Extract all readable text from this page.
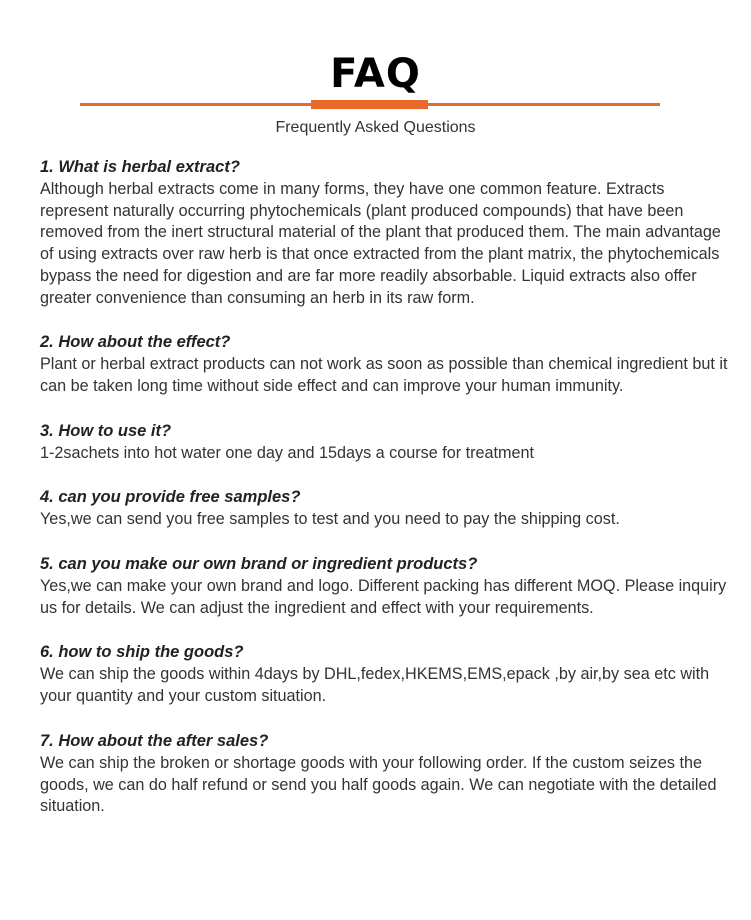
FAQ
Frequently Asked Questions

1. What is herbal extract?

Although herbal extracts come in many forms, they have one common feature. Extracts represent naturally occurring phytochemicals (plant produced compounds) that have been removed from the inert structural material of the plant that produced them. The main advantage of using extracts over raw herb is that once extracted from the plant matrix, the phytochemicals bypass the need for digestion and are far more readily absorbable. Liquid extracts also offer greater convenience than consuming an herb in its raw form.

2. How about the effect?

Plant or herbal extract products can not work as soon as possible than chemical ingredient but it can be taken long time without side effect and can improve your human immunity.

3. How to use it?

1-2sachets into hot water one day and 15days a course for treatment

4. can you provide free samples?

Yes,we can send you free samples to test and you need to pay the shipping cost.

5. can you make our own brand or ingredient products?

Yes,we can make your own brand and logo. Different packing has different MOQ. Please inquiry us for details. We can adjust the ingredient and effect with your requirements.

6. how to ship the goods?

We can ship the goods within 4days by DHL,fedex,HKEMS,EMS,epack ,by air,by sea etc with your quantity and your custom situation.

7. How about the after sales?

We can ship the broken or shortage goods with your following order. If the custom seizes the goods, we can do half refund or send you half goods again. We can negotiate with the detailed situation.
